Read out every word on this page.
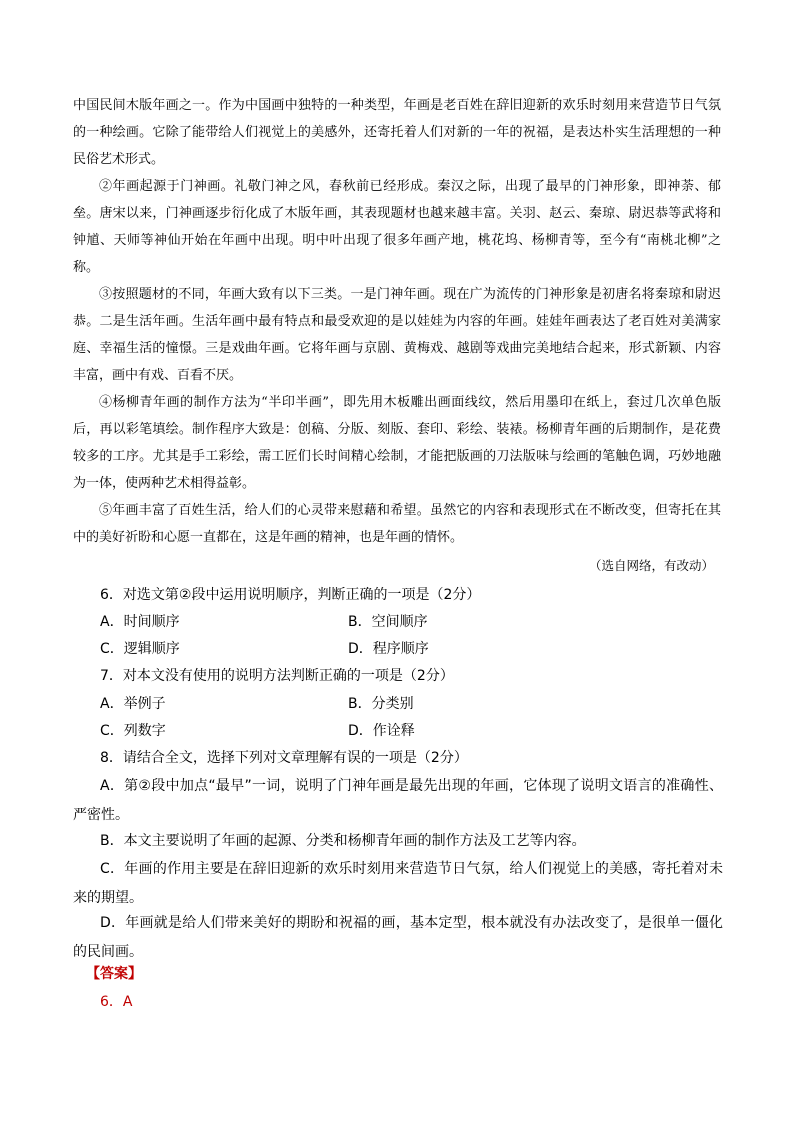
中国民间木版年画之一。作为中国画中独特的一种类型，年画是老百姓在辞旧迎新的欢乐时刻用来营造节日气氛的一种绘画。它除了能带给人们视觉上的美感外，还寄托着人们对新的一年的祝福，是表达朴实生活理想的一种民俗艺术形式。

②年画起源于门神画。礼敬门神之风，春秋前已经形成。秦汉之际，出现了最早的门神形象，即神荼、郁垒。唐宋以来，门神画逐步衍化成了木版年画，其表现题材也越来越丰富。关羽、赵云、秦琼、尉迟恭等武将和钟馗、天师等神仙开始在年画中出现。明中叶出现了很多年画产地，桃花坞、杨柳青等，至今有“南桃北柳”之称。

③按照题材的不同，年画大致有以下三类。一是门神年画。现在广为流传的门神形象是初唐名将秦琼和尉迟恭。二是生活年画。生活年画中最有特点和最受欢迎的是以娃娃为内容的年画。娃娃年画表达了老百姓对美满家庭、幸福生活的憧憬。三是戏曲年画。它将年画与京剧、黄梅戏、越剧等戏曲完美地结合起来，形式新颖、内容丰富，画中有戏、百看不厌。

④杨柳青年画的制作方法为“半印半画”，即先用木板雕出画面线纹，然后用墨印在纸上，套过几次单色版后，再以彩笔填绘。制作程序大致是：创稿、分版、刻版、套印、彩绘、装裱。杨柳青年画的后期制作，是花费较多的工序。尤其是手工彩绘，需工匠们长时间精心绘制，才能把版画的刀法版味与绘画的笔触色调，巧妙地融为一体，使两种艺术相得益彰。

⑤年画丰富了百姓生活，给人们的心灵带来慰藉和希望。虽然它的内容和表现形式在不断改变，但寄托在其中的美好祈盼和心愿一直都在，这是年画的精神，也是年画的情怀。

（选自网络，有改动）
6．对选文第②段中运用说明顺序，判断正确的一项是（2分）
A．时间顺序	B．空间顺序
C．逻辑顺序	D．程序顺序
7．对本文没有使用的说明方法判断正确的一项是（2分）
A．举例子	B．分类别
C．列数字	D．作诠释
8．请结合全文，选择下列对文章理解有误的一项是（2分）

A．第②段中加点“最早”一词，说明了门神年画是最先出现的年画，它体现了说明文语言的准确性、严密性。

B．本文主要说明了年画的起源、分类和杨柳青年画的制作方法及工艺等内容。

C．年画的作用主要是在辞旧迎新的欢乐时刻用来营造节日气氛，给人们视觉上的美感，寄托着对未来的期望。

D．年画就是给人们带来美好的期盼和祝福的画，基本定型，根本就没有办法改变了，是很单一僵化的民间画。

【答案】
6．A
